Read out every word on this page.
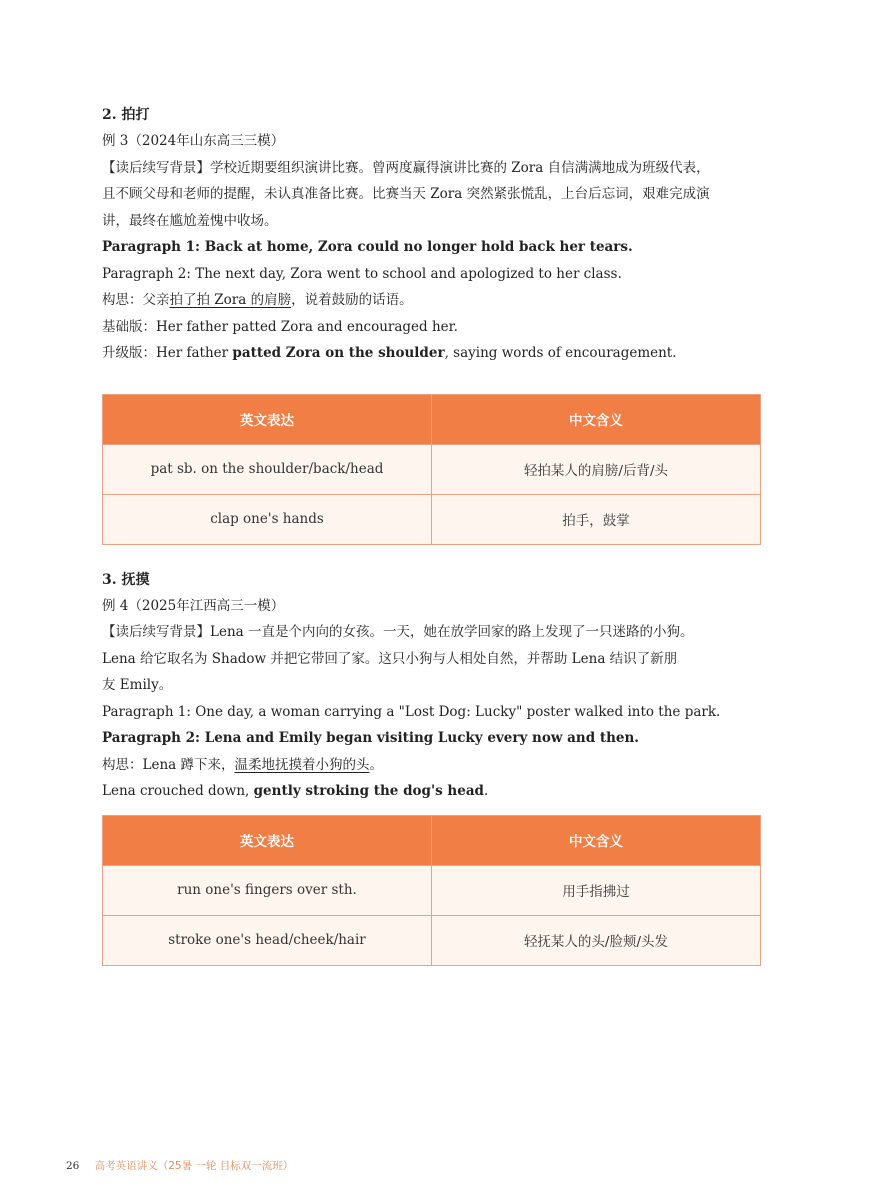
2. 拍打

例 3（2024年山东高三三模）

【读后续写背景】学校近期要组织演讲比赛。曾两度赢得演讲比赛的 Zora 自信满满地成为班级代表，

且不顾父母和老师的提醒，未认真准备比赛。比赛当天 Zora 突然紧张慌乱，上台后忘词，艰难完成演

讲，最终在尴尬羞愧中收场。

Paragraph 1: Back at home, Zora could no longer hold back her tears.

Paragraph 2: The next day, Zora went to school and apologized to her class.

构思：父亲拍了拍 Zora 的肩膀，说着鼓励的话语。

基础版：Her father patted Zora and encouraged her.

升级版：Her father patted Zora on the shoulder, saying words of encouragement.

英文表达	中文含义
pat sb. on the shoulder/back/head	轻拍某人的肩膀/后背/头
clap one's hands	拍手，鼓掌

3. 抚摸

例 4（2025年江西高三一模）

【读后续写背景】Lena 一直是个内向的女孩。一天，她在放学回家的路上发现了一只迷路的小狗。

Lena 给它取名为 Shadow 并把它带回了家。这只小狗与人相处自然，并帮助 Lena 结识了新朋

友 Emily。

Paragraph 1: One day, a woman carrying a "Lost Dog: Lucky" poster walked into the park.

Paragraph 2: Lena and Emily began visiting Lucky every now and then.

构思：Lena 蹲下来，温柔地抚摸着小狗的头。

Lena crouched down, gently stroking the dog's head.

英文表达	中文含义
run one's fingers over sth.	用手指拂过
stroke one's head/cheek/hair	轻抚某人的头/脸颊/头发
26 高考英语讲义（25暑 一轮 目标双一流班）
